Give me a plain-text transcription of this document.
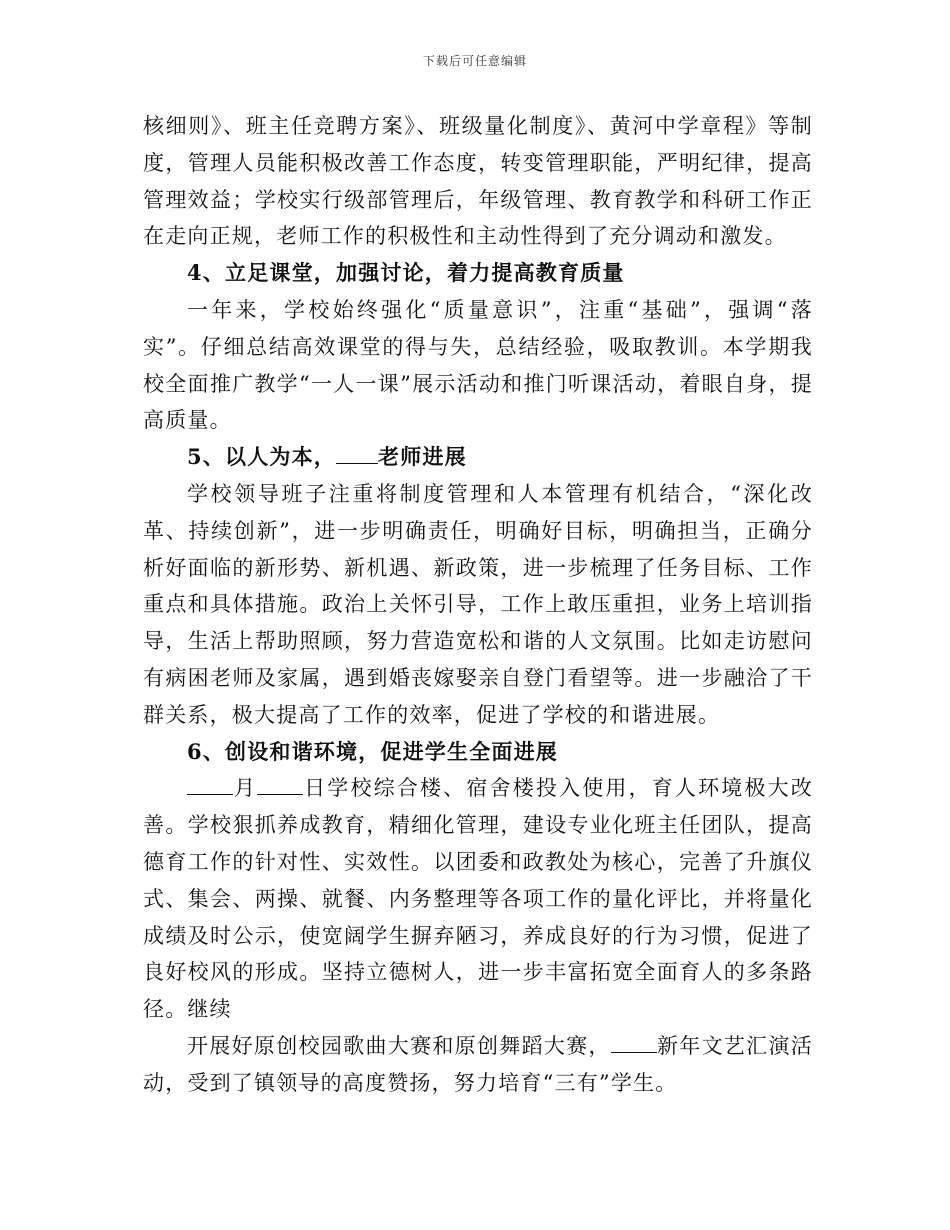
下载后可任意编辑

核细则》、班主任竞聘方案》、班级量化制度》、黄河中学章程》等制度，管理人员能积极改善工作态度，转变管理职能，严明纪律，提高管理效益；学校实行级部管理后，年级管理、教育教学和科研工作正在走向正规，老师工作的积极性和主动性得到了充分调动和激发。

4、立足课堂，加强讨论，着力提高教育质量

一年来，学校始终强化“质量意识”，注重“基础”，强调“落实”。仔细总结高效课堂的得与失，总结经验，吸取教训。本学期我校全面推广教学“一人一课”展示活动和推门听课活动，着眼自身，提高质量。

5、以人为本， 老师进展

学校领导班子注重将制度管理和人本管理有机结合，“深化改革、持续创新”，进一步明确责任，明确好目标，明确担当，正确分析好面临的新形势、新机遇、新政策，进一步梳理了任务目标、工作重点和具体措施。政治上关怀引导，工作上敢压重担，业务上培训指导，生活上帮助照顾，努力营造宽松和谐的人文氛围。比如走访慰问有病困老师及家属，遇到婚丧嫁娶亲自登门看望等。进一步融洽了干群关系，极大提高了工作的效率，促进了学校的和谐进展。

6、创设和谐环境，促进学生全面进展

月 日学校综合楼、宿舍楼投入使用，育人环境极大改善。学校狠抓养成教育，精细化管理，建设专业化班主任团队，提高德育工作的针对性、实效性。以团委和政教处为核心，完善了升旗仪式、集会、两操、就餐、内务整理等各项工作的量化评比，并将量化成绩及时公示，使宽阔学生摒弃陋习，养成良好的行为习惯，促进了良好校风的形成。坚持立德树人，进一步丰富拓宽全面育人的多条路径。继续

开展好原创校园歌曲大赛和原创舞蹈大赛， 新年文艺汇演活动，受到了镇领导的高度赞扬，努力培育“三有”学生。
